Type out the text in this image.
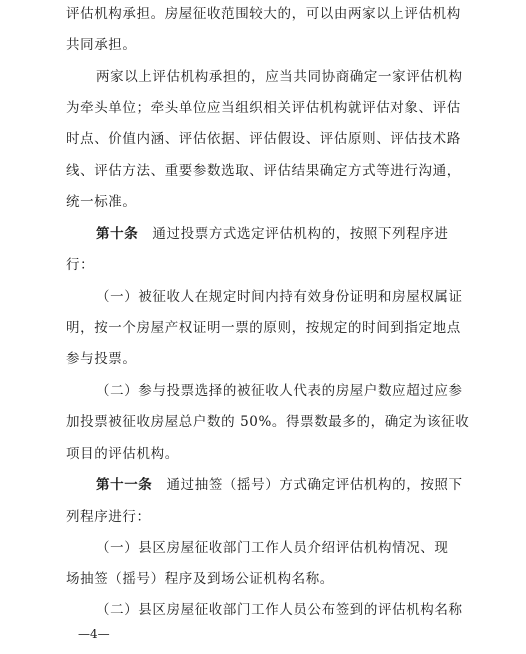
评估机构承担。房屋征收范围较大的，可以由两家以上评估机构
共同承担。
两家以上评估机构承担的，应当共同协商确定一家评估机构
为牵头单位；牵头单位应当组织相关评估机构就评估对象、评估
时点、价值内涵、评估依据、评估假设、评估原则、评估技术路
线、评估方法、重要参数选取、评估结果确定方式等进行沟通，
统一标准。
第十条　 通过投票方式选定评估机构的，按照下列程序进
行：
（一）被征收人在规定时间内持有效身份证明和房屋权属证
明，按一个房屋产权证明一票的原则，按规定的时间到指定地点
参与投票。
（二）参与投票选择的被征收人代表的房屋户数应超过应参
加投票被征收房屋总户数的 50%。得票数最多的，确定为该征收
项目的评估机构。
第十一条　 通过抽签（摇号）方式确定评估机构的，按照下
列程序进行：
（一）县区房屋征收部门工作人员介绍评估机构情况、现
场抽签（摇号）程序及到场公证机构名称。
—4—
（二）县区房屋征收部门工作人员公布签到的评估机构名称
